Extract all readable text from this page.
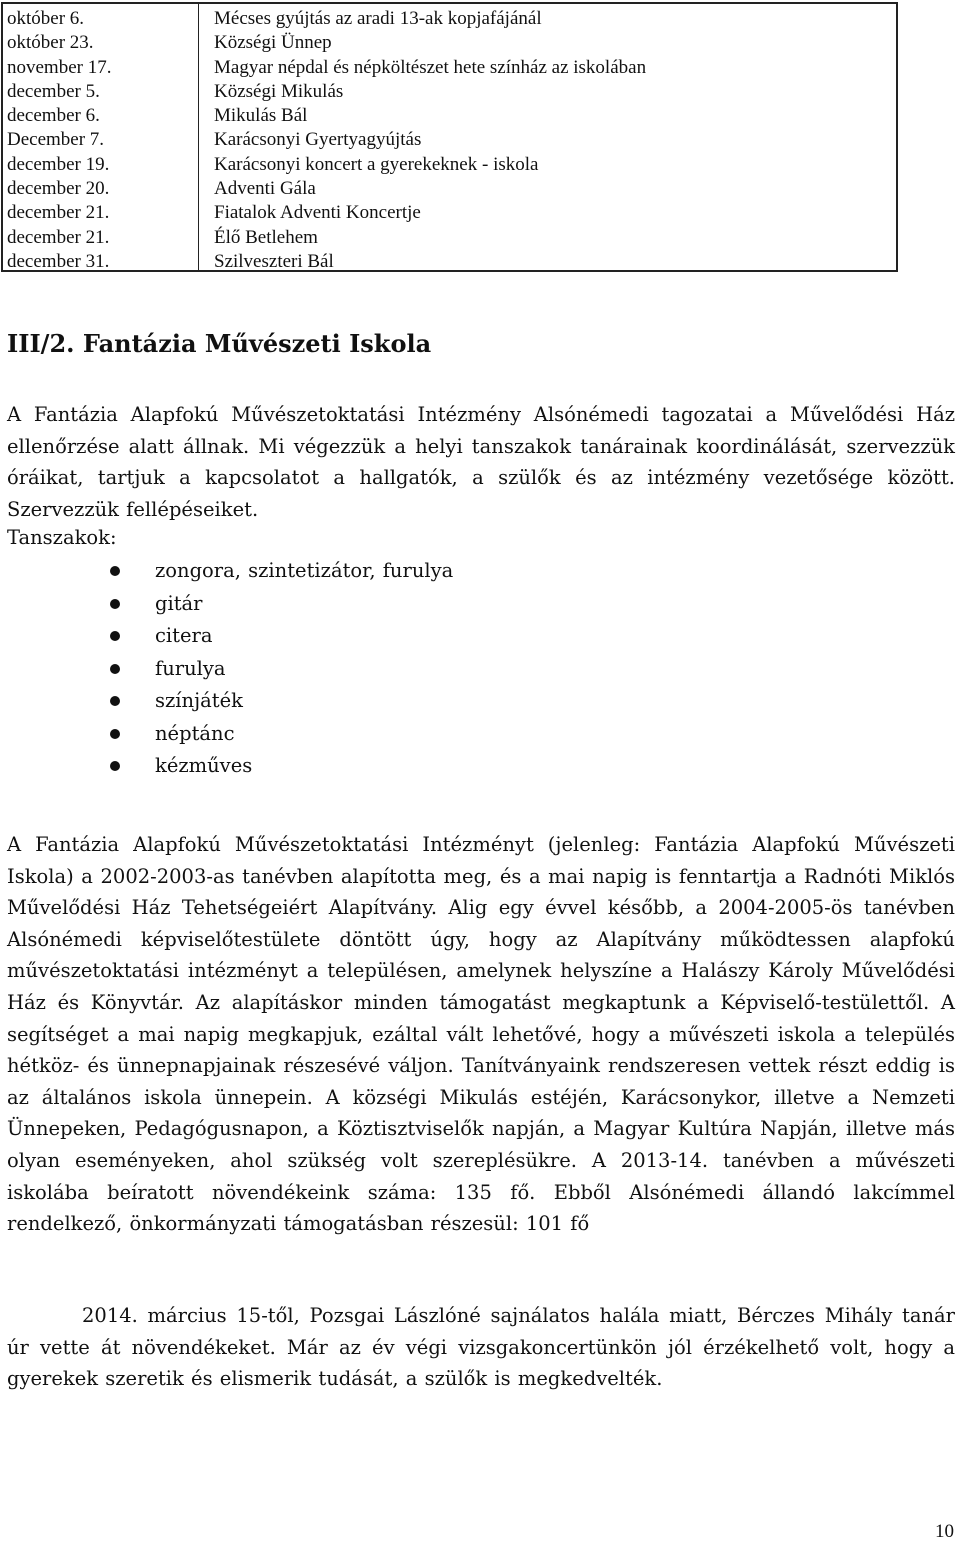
október 6.
október 23.
november 17.
december 5.
december 6.
December 7.
december 19.
december 20.
december 21.
december 21.
december 31.
Mécses gyújtás az aradi 13-ak kopjafájánál
Községi Ünnep
Magyar népdal és népköltészet hete színház az iskolában
Községi Mikulás
Mikulás Bál
Karácsonyi Gyertyagyújtás
Karácsonyi koncert a gyerekeknek - iskola
Adventi Gála
Fiatalok Adventi Koncertje
Élő Betlehem
Szilveszteri Bál
III/2. Fantázia Művészeti Iskola

A Fantázia Alapfokú Művészetoktatási Intézmény Alsónémedi tagozatai a Művelődési Ház ellenőrzése alatt állnak. Mi végezzük a helyi tanszakok tanárainak koordinálását, szervezzük óráikat, tartjuk a kapcsolatot a hallgatók, a szülők és az intézmény vezetősége között. Szervezzük fellépéseiket.

Tanszakok:

zongora, szintetizátor, furulya
gitár
citera
furulya
színjáték
néptánc
kézműves

A Fantázia Alapfokú Művészetoktatási Intézményt (jelenleg: Fantázia Alapfokú Művészeti Iskola) a 2002-2003-as tanévben alapította meg, és a mai napig is fenntartja a Radnóti Miklós Művelődési Ház Tehetségeiért Alapítvány. Alig egy évvel később, a 2004-2005-ös tanévben Alsónémedi képviselőtestülete döntött úgy, hogy az Alapítvány működtessen alapfokú művészetoktatási intézményt a településen, amelynek helyszíne a Halászy Károly Művelődési Ház és Könyvtár. Az alapításkor minden támogatást megkaptunk a Képviselő-testülettől. A segítséget a mai napig megkapjuk, ezáltal vált lehetővé, hogy a művészeti iskola a település hétköz- és ünnepnapjainak részesévé váljon. Tanítványaink rendszeresen vettek részt eddig is az általános iskola ünnepein. A községi Mikulás estéjén, Karácsonykor, illetve a Nemzeti Ünnepeken, Pedagógusnapon, a Köztisztviselők napján, a Magyar Kultúra Napján, illetve más olyan eseményeken, ahol szükség volt szereplésükre. A 2013-14. tanévben a művészeti iskolába beíratott növendékeink száma: 135 fő. Ebből Alsónémedi állandó lakcímmel rendelkező, önkormányzati támogatásban részesül: 101 fő

2014. március 15-től, Pozsgai Lászlóné sajnálatos halála miatt, Bérczes Mihály tanár úr vette át növendékeket. Már az év végi vizsgakoncertünkön jól érzékelhető volt, hogy a gyerekek szeretik és elismerik tudását, a szülők is megkedvelték.

10
